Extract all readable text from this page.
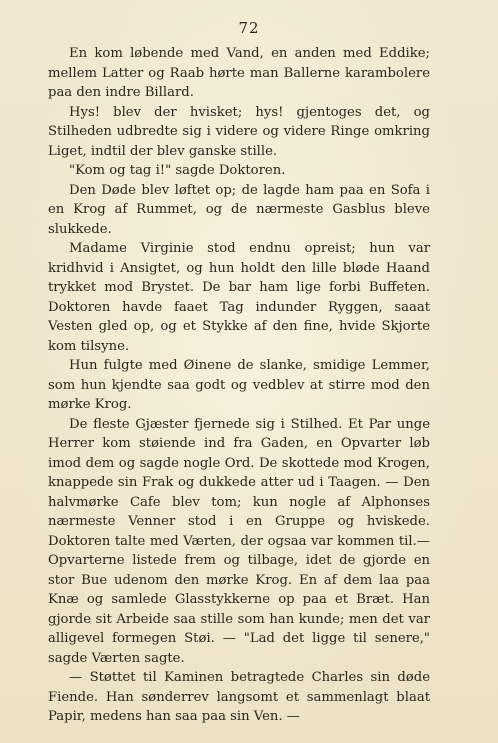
72

En kom løbende med Vand, en anden med Eddike; mellem Latter og Raab hørte man Ballerne karambolere paa den indre Billard.

Hys! blev der hvisket; hys! gjentoges det, og Stilheden udbredte sig i videre og videre Ringe omkring Liget, indtil der blev ganske stille.

"Kom og tag i!" sagde Doktoren.

Den Døde blev løftet op; de lagde ham paa en Sofa i en Krog af Rummet, og de nærmeste Gasblus bleve slukkede.

Madame Virginie stod endnu opreist; hun var kridhvid i Ansigtet, og hun holdt den lille bløde Haand trykket mod Brystet. De bar ham lige forbi Buffeten. Doktoren havde faaet Tag indunder Ryggen, saaat Vesten gled op, og et Stykke af den fine, hvide Skjorte kom tilsyne.

Hun fulgte med Øinene de slanke, smidige Lemmer, som hun kjendte saa godt og vedblev at stirre mod den mørke Krog.

De fleste Gjæster fjernede sig i Stilhed. Et Par unge Herrer kom støiende ind fra Gaden, en Opvarter løb imod dem og sagde nogle Ord. De skottede mod Krogen, knappede sin Frak og dukkede atter ud i Taagen. — Den halvmørke Cafe blev tom; kun nogle af Alphonses nærmeste Venner stod i en Gruppe og hviskede. Doktoren talte med Værten, der ogsaa var kommen til.—Opvarterne listede frem og tilbage, idet de gjorde en stor Bue udenom den mørke Krog. En af dem laa paa Knæ og samlede Glasstykkerne op paa et Bræt. Han gjorde sit Arbeide saa stille som han kunde; men det var alligevel formegen Støi. — "Lad det ligge til senere," sagde Værten sagte.

— Støttet til Kaminen betragtede Charles sin døde Fiende. Han sønderrev langsomt et sammenlagt blaat Papir, medens han saa paa sin Ven. —
